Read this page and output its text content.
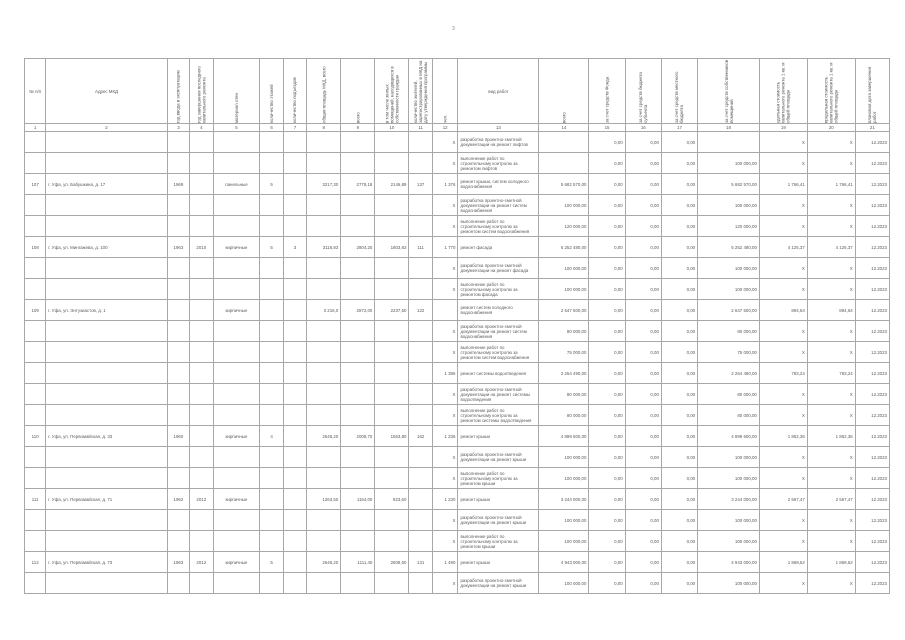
3
№ п/п	Адрес МКД	год ввода в эксплуатацию	год завершения последнего капитального ремонта	материал стен	количество этажей	количество подъездов	общая площадь МКД, всего	всего	в том числе жилых помещений, находящихся в собственности граждан	количество жителей, зарегистрированных в МКД на дату утверждения программы	чел.	вид работ	всего	за счет средств Фонда	за счет средств бюджета субъекта	за счет средств местного бюджета	за счет средств собственников помещений	удельная стоимость капитального ремонта 1 кв. м общей площади	предельная стоимость капитального ремонта 1 кв. м общей площади	плановая дата завершения работ
1	2	3	4	5	6	7	8	9	10	11	12	13	14	15	16	17	18	19	20	21
											X	разработка проектно-сметной документации на ремонт лифтов		0,00	0,00	0,00		X	X	12.2023
											X	выполнение работ по строительному контролю за ремонтом лифтов		0,00	0,00	0,00	100 000,00	X	X	12.2023
107	г. Уфа, ул. Бабушкина, д. 17	1969		панельные	5		3217,30	2778,18	2146,89	137	1 376	ремонт крыши, систем холодного водоснабжения	5 682 570,00	0,00	0,00	0,00	5 682 570,00	1 766,41	1 766,41	12.2023
											X	разработка проектно-сметной документации на ремонт систем водоснабжения	100 000,00	0,00	0,00	0,00	100 000,00	X	X	12.2023
											X	выполнение работ по строительному контролю за ремонтом систем водоснабжения	120 000,00	0,00	0,00	0,00	120 000,00	X	X	12.2023
108	г. Уфа, ул. Мингажева, д. 100	1963	2010	кирпичные	5	3	3115,83	2804,20	1803,63	111	1 770	ремонт фасада	5 252 480,00	0,00	0,00	0,00	5 252 480,00	4 125,37	4 125,37	12.2023
											X	разработка проектно-сметной документации на ремонт фасада	100 000,00	0,00	0,00	0,00	100 000,00	X	X	12.2023
											X	выполнение работ по строительному контролю за ремонтом фасада	100 000,00	0,00	0,00	0,00	100 000,00	X	X	12.2023
109	г. Уфа, ул. Энтузиастов, д. 1			кирпичные			3 216,0	2872,00	2237,50	122		ремонт систем холодного водоснабжения	2 647 500,00	0,00	0,00	0,00	2 647 500,00	894,64	894,64	12.2023
											X	разработка проектно-сметной документации на ремонт систем водоснабжения	80 000,00	0,00	0,00	0,00	80 000,00	X	X	12.2023
											X	выполнение работ по строительному контролю за ремонтом систем водоснабжения	75 000,00	0,00	0,00	0,00	75 000,00	X	X	12.2023
											1 396	ремонт системы водоотведения	2 264 490,00	0,00	0,00	0,00	2 264 490,00	783,24	783,24	12.2023
											X	разработка проектно-сметной документации на ремонт системы водоотведения	80 000,00	0,00	0,00	0,00	80 000,00	X	X	12.2023
											X	выполнение работ по строительному контролю за ремонтом системы водоотведения	80 000,00	0,00	0,00	0,00	80 000,00	X	X	12.2023
110	г. Уфа, ул. Первомайская, д. 33	1960		кирпичные	4		2645,20	2008,70	1563,80	162	1 236	ремонт крыши	4 899 600,00	0,00	0,00	0,00	4 899 600,00	1 852,36	1 852,36	12.2023
											X	разработка проектно-сметной документации на ремонт крыши	100 000,00	0,00	0,00	0,00	100 000,00	X	X	12.2023
											X	выполнение работ по строительному контролю за ремонтом крыши	100 000,00	0,00	0,00	0,00	100 000,00	X	X	12.2023
111	г. Уфа, ул. Первомайская, д. 71	1962	2012	кирпичные			1263,50	1154,00	823,60		1 230	ремонт крыши	3 244 000,00	0,00	0,00	0,00	3 244 000,00	2 567,47	2 567,47	12.2023
											X	разработка проектно-сметной документации на ремонт крыши	100 000,00	0,00	0,00	0,00	100 000,00	X	X	12.2023
											X	выполнение работ по строительному контролю за ремонтом крыши	100 000,00	0,00	0,00	0,00	100 000,00	X	X	12.2023
112	г. Уфа, ул. Первомайская, д. 73	1963	2012	кирпичные	5		2645,20	1111,40	2608,50	131	1 490	ремонт крыши	4 943 000,00	0,00	0,00	0,00	4 943 000,00	1 869,62	1 869,62	12.2023
											X	разработка проектно-сметной документации на ремонт крыши	100 000,00	0,00	0,00	0,00	100 000,00	X	X	12.2023
